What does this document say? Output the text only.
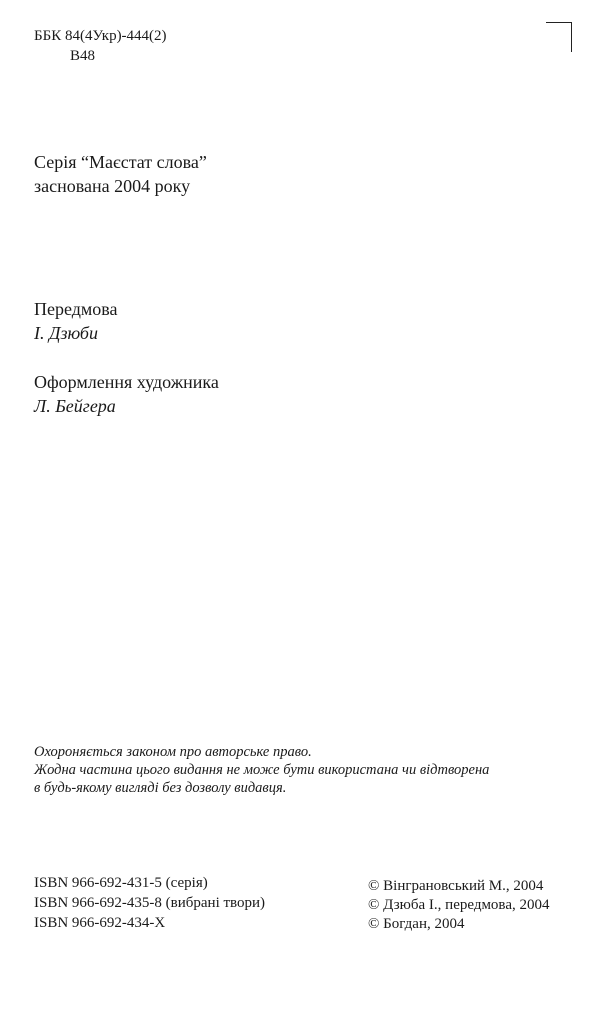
ББК 84(4Укр)-444(2)
В48
Серія “Маєстат слова”
заснована 2004 року
Передмова
І. Дзюби
Оформлення художника
Л. Бейгера
Охороняється законом про авторське право.
Жодна частина цього видання не може бути використана чи відтворена
в будь-якому вигляді без дозволу видавця.
ISBN 966-692-431-5 (серія)
ISBN 966-692-435-8 (вибрані твори)
ISBN 966-692-434-X
© Вінграновський М., 2004
© Дзюба І., передмова, 2004
© Богдан, 2004
